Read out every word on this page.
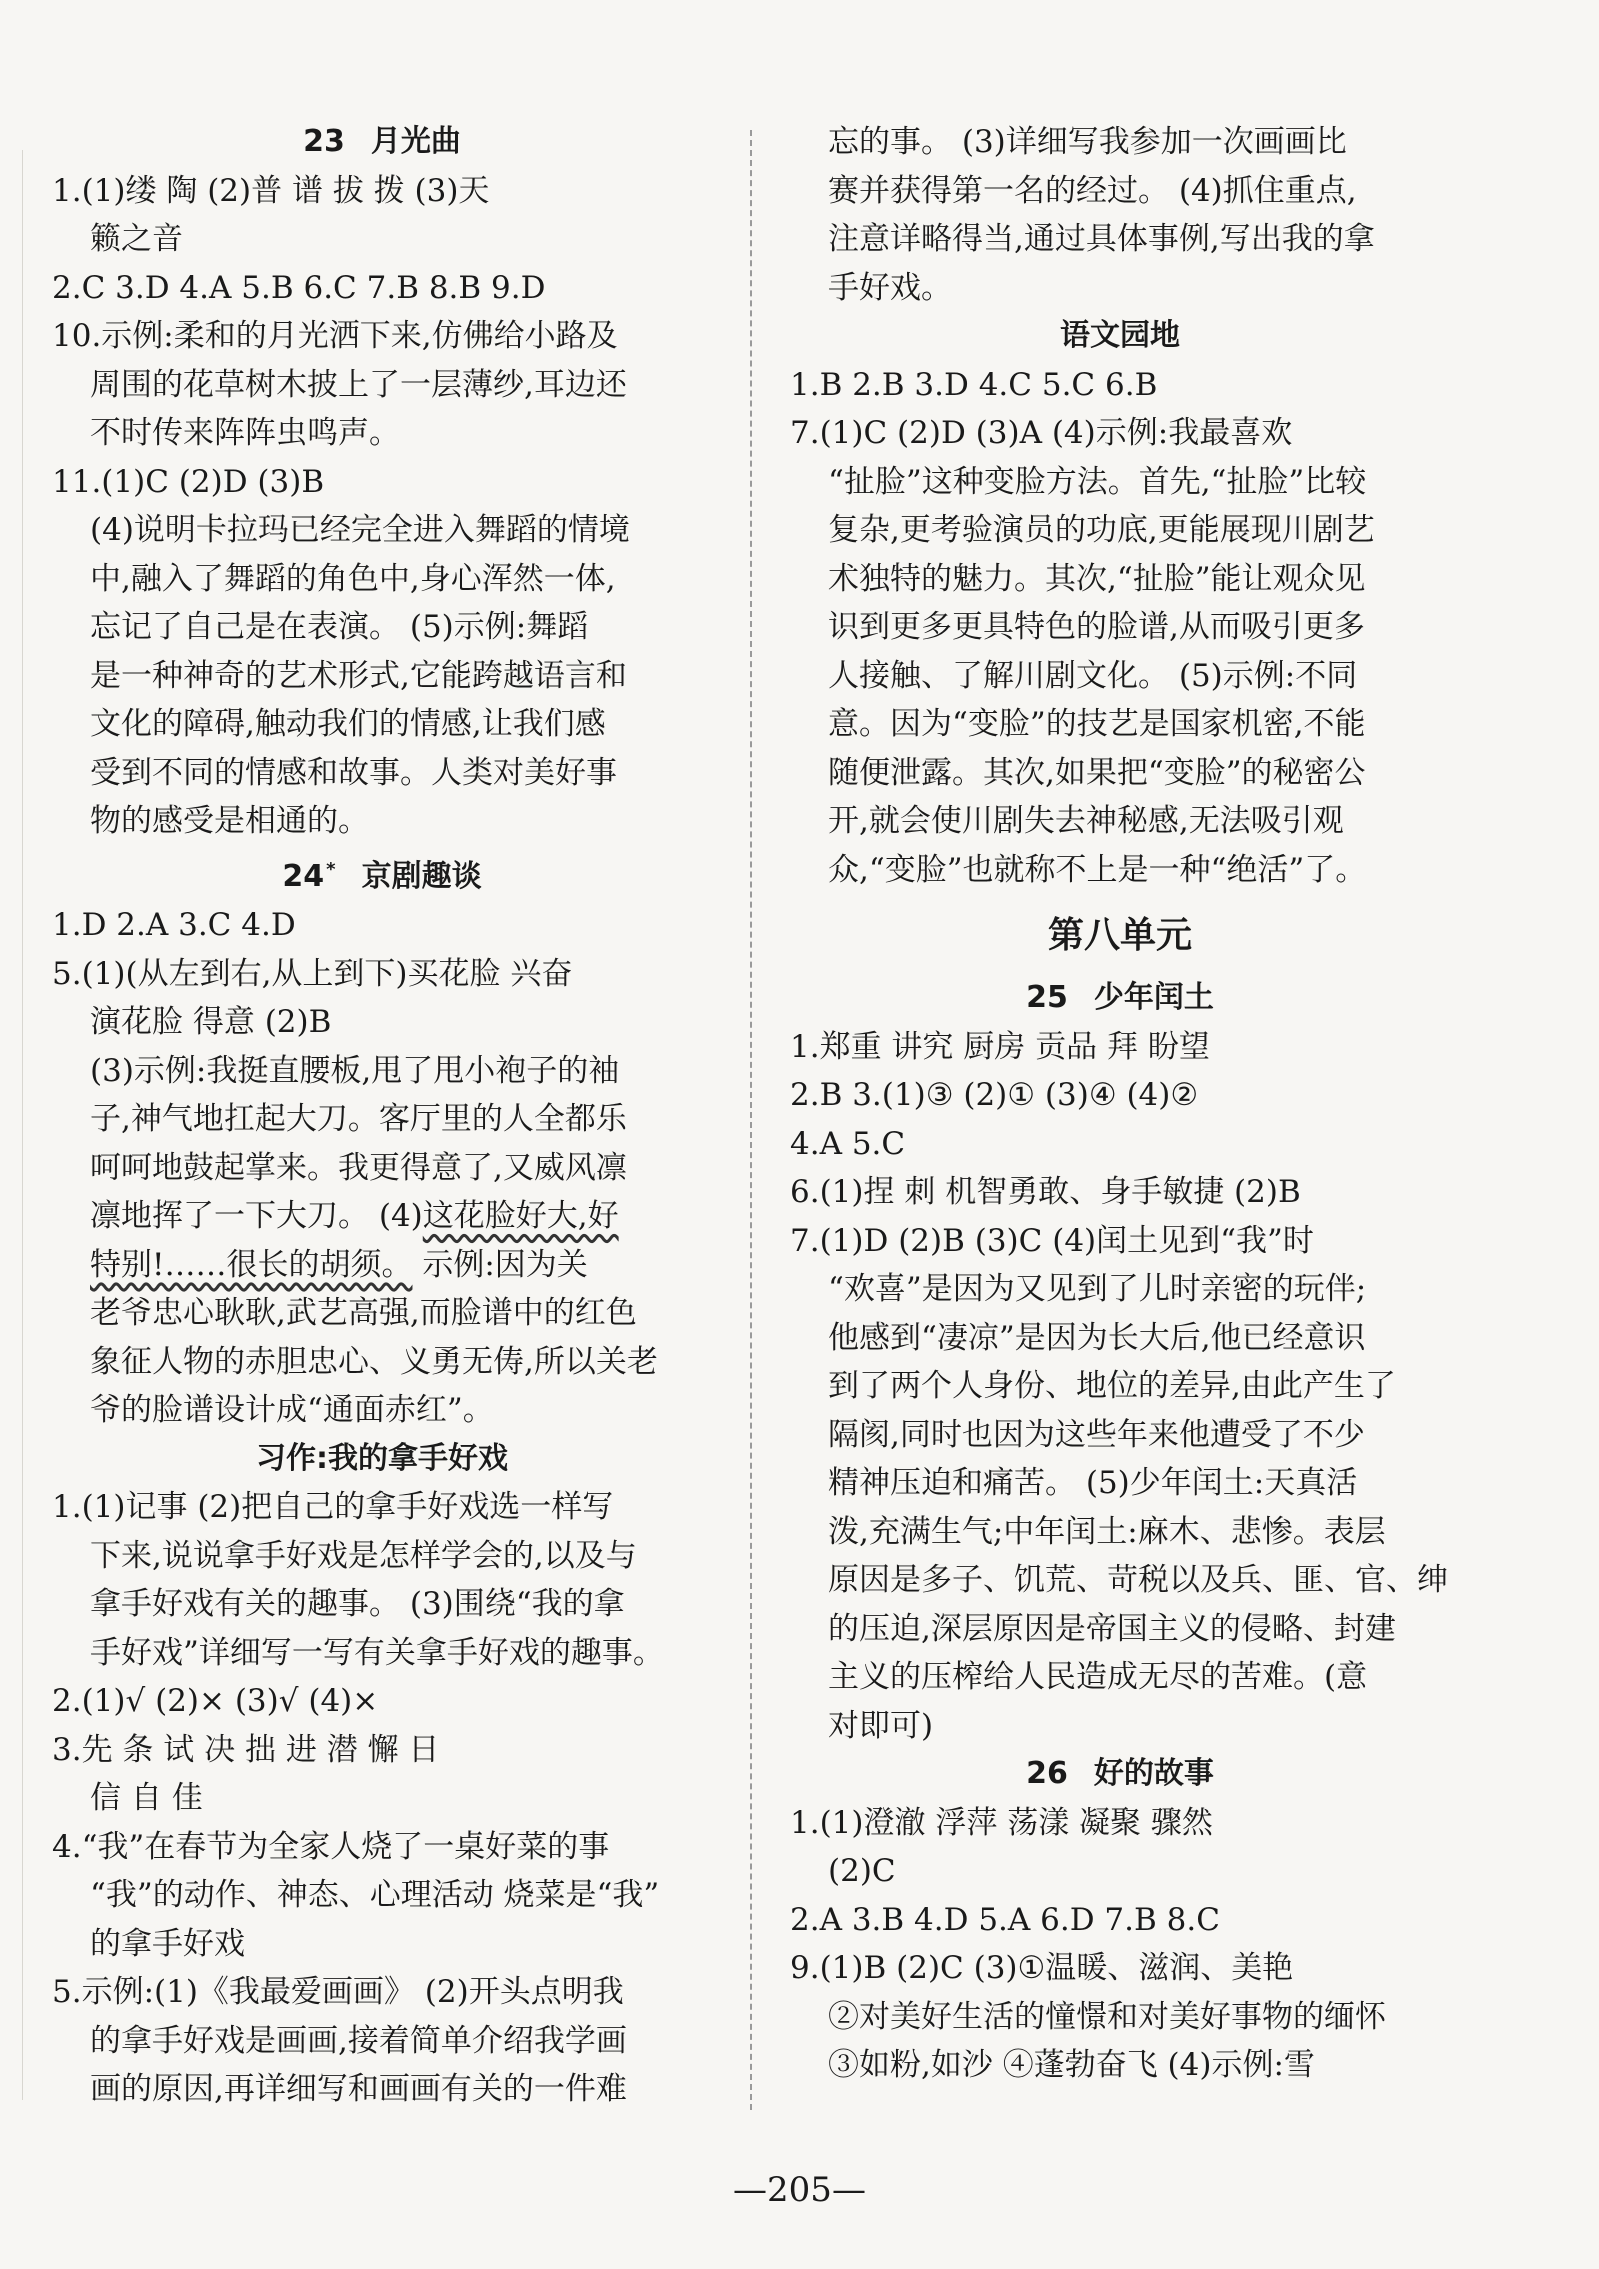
23 月光曲
1.(1)缕 陶 (2)普 谱 拔 拨 (3)天
籁之音
2.C 3.D 4.A 5.B 6.C 7.B 8.B 9.D
10.示例:柔和的月光洒下来,仿佛给小路及
周围的花草树木披上了一层薄纱,耳边还
不时传来阵阵虫鸣声。
11.(1)C (2)D (3)B
(4)说明卡拉玛已经完全进入舞蹈的情境
中,融入了舞蹈的角色中,身心浑然一体,
忘记了自己是在表演。 (5)示例:舞蹈
是一种神奇的艺术形式,它能跨越语言和
文化的障碍,触动我们的情感,让我们感
受到不同的情感和故事。人类对美好事
物的感受是相通的。
24 * 京剧趣谈
1.D 2.A 3.C 4.D
5.(1)(从左到右,从上到下)买花脸 兴奋
演花脸 得意 (2)B
(3)示例:我挺直腰板,甩了甩小袍子的袖
子,神气地扛起大刀。客厅里的人全都乐
呵呵地鼓起掌来。我更得意了,又威风凛
凛地挥了一下大刀。 (4)这花脸好大,好
特别!……很长的胡须。 示例:因为关
老爷忠心耿耿,武艺高强,而脸谱中的红色
象征人物的赤胆忠心、义勇无俦,所以关老
爷的脸谱设计成“通面赤红”。
习作:我的拿手好戏
1.(1)记事 (2)把自己的拿手好戏选一样写
下来,说说拿手好戏是怎样学会的,以及与
拿手好戏有关的趣事。 (3)围绕“我的拿
手好戏”详细写一写有关拿手好戏的趣事。
2.(1)√ (2)× (3)√ (4)×
3.先 条 试 决 拙 进 潜 懈 日
信 自 佳
4.“我”在春节为全家人烧了一桌好菜的事
“我”的动作、神态、心理活动 烧菜是“我”
的拿手好戏
5.示例:(1)《我最爱画画》 (2)开头点明我
的拿手好戏是画画,接着简单介绍我学画
画的原因,再详细写和画画有关的一件难
忘的事。 (3)详细写我参加一次画画比
赛并获得第一名的经过。 (4)抓住重点,
注意详略得当,通过具体事例,写出我的拿
手好戏。
语文园地
1.B 2.B 3.D 4.C 5.C 6.B
7.(1)C (2)D (3)A (4)示例:我最喜欢
“扯脸”这种变脸方法。首先,“扯脸”比较
复杂,更考验演员的功底,更能展现川剧艺
术独特的魅力。其次,“扯脸”能让观众见
识到更多更具特色的脸谱,从而吸引更多
人接触、了解川剧文化。 (5)示例:不同
意。因为“变脸”的技艺是国家机密,不能
随便泄露。其次,如果把“变脸”的秘密公
开,就会使川剧失去神秘感,无法吸引观
众,“变脸”也就称不上是一种“绝活”了。
第八单元
25 少年闰土
1.郑重 讲究 厨房 贡品 拜 盼望
2.B 3.(1)③ (2)① (3)④ (4)②
4.A 5.C
6.(1)捏 刺 机智勇敢、身手敏捷 (2)B
7.(1)D (2)B (3)C (4)闰土见到“我”时
“欢喜”是因为又见到了儿时亲密的玩伴;
他感到“凄凉”是因为长大后,他已经意识
到了两个人身份、地位的差异,由此产生了
隔阂,同时也因为这些年来他遭受了不少
精神压迫和痛苦。 (5)少年闰土:天真活
泼,充满生气;中年闰土:麻木、悲惨。表层
原因是多子、饥荒、苛税以及兵、匪、官、绅
的压迫,深层原因是帝国主义的侵略、封建
主义的压榨给人民造成无尽的苦难。(意
对即可)
26 好的故事
1.(1)澄澈 浮萍 荡漾 凝聚 骤然
(2)C
2.A 3.B 4.D 5.A 6.D 7.B 8.C
9.(1)B (2)C (3)①温暖、滋润、美艳
②对美好生活的憧憬和对美好事物的缅怀
③如粉,如沙 ④蓬勃奋飞 (4)示例:雪
—205—
